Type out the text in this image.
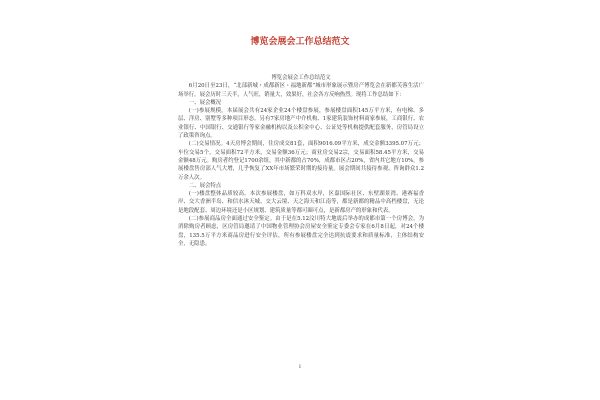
博览会展会工作总结范文

博览会展会工作总结范文

6月20日至23日，“北部新城・成都新区・福地新都”城市形象展示暨房产博览会在新都芙蓉生活广场举行。展会历时三天半，人气旺，销量大，效果好，社会各方反响热烈。现将工作总结如下：

一、展会概况

(一)参展规模。本届展会共有24家企业24个楼盘参展，参展楼盘面积145万平方米，有电梯、多层、洋房、别墅等多种项目形态。另有7家房地产中介机构、1家建筑装饰材料商家参展，工商银行、农业银行、中国银行、交通银行等家金融机构以及公积金中心、公证处等机构提供配套服务，房管局设立了政策咨询点。

(二)交易情况。4天房博会期间，住房成交81套，面积9016.09平方米，成交金额3395.07万元；车位交易5个，交易面积72平方米，交易金额36万元；商业房交易2宗，交易面积58.45平方米，交易金额48万元。购房者约登记1700余组，其中新都的占70%，成都市区占20%，省内其它地方10%。参展楼盘售房部人气大增，几乎恢复了XX年市场繁荣时期的接待量。展会期间共接待参观、咨询群众1.2万余人次。

二、展会特点

(一)楼盘整体品质较高。本次参展楼盘，如万科双水岸，区嘉国际社区、东壁湖景湾、港赛福香岸、交大香洲半岛、和信水沐天城、交大云境、天之海天和江南等，都是新都的精品中高档楼盘，无论是地段配套、周边环境还是小区规划、建筑质量等都可圈可点，是新都房产的形象和代表。

(二)参展商品房全面通过安全鉴定。由于是在5.12汶川特大地震后举办的成都市第一个房博会，为消除购房者顾虑，区房管局邀请了中国物业管理协会房屋安全鉴定专委会专家在6月8日起，对24个楼盘，135.5万平方米商品房进行安全评估，所有参展楼盘完全达到抗震要求和质量标准，主体结构安全，无隐患。

1
